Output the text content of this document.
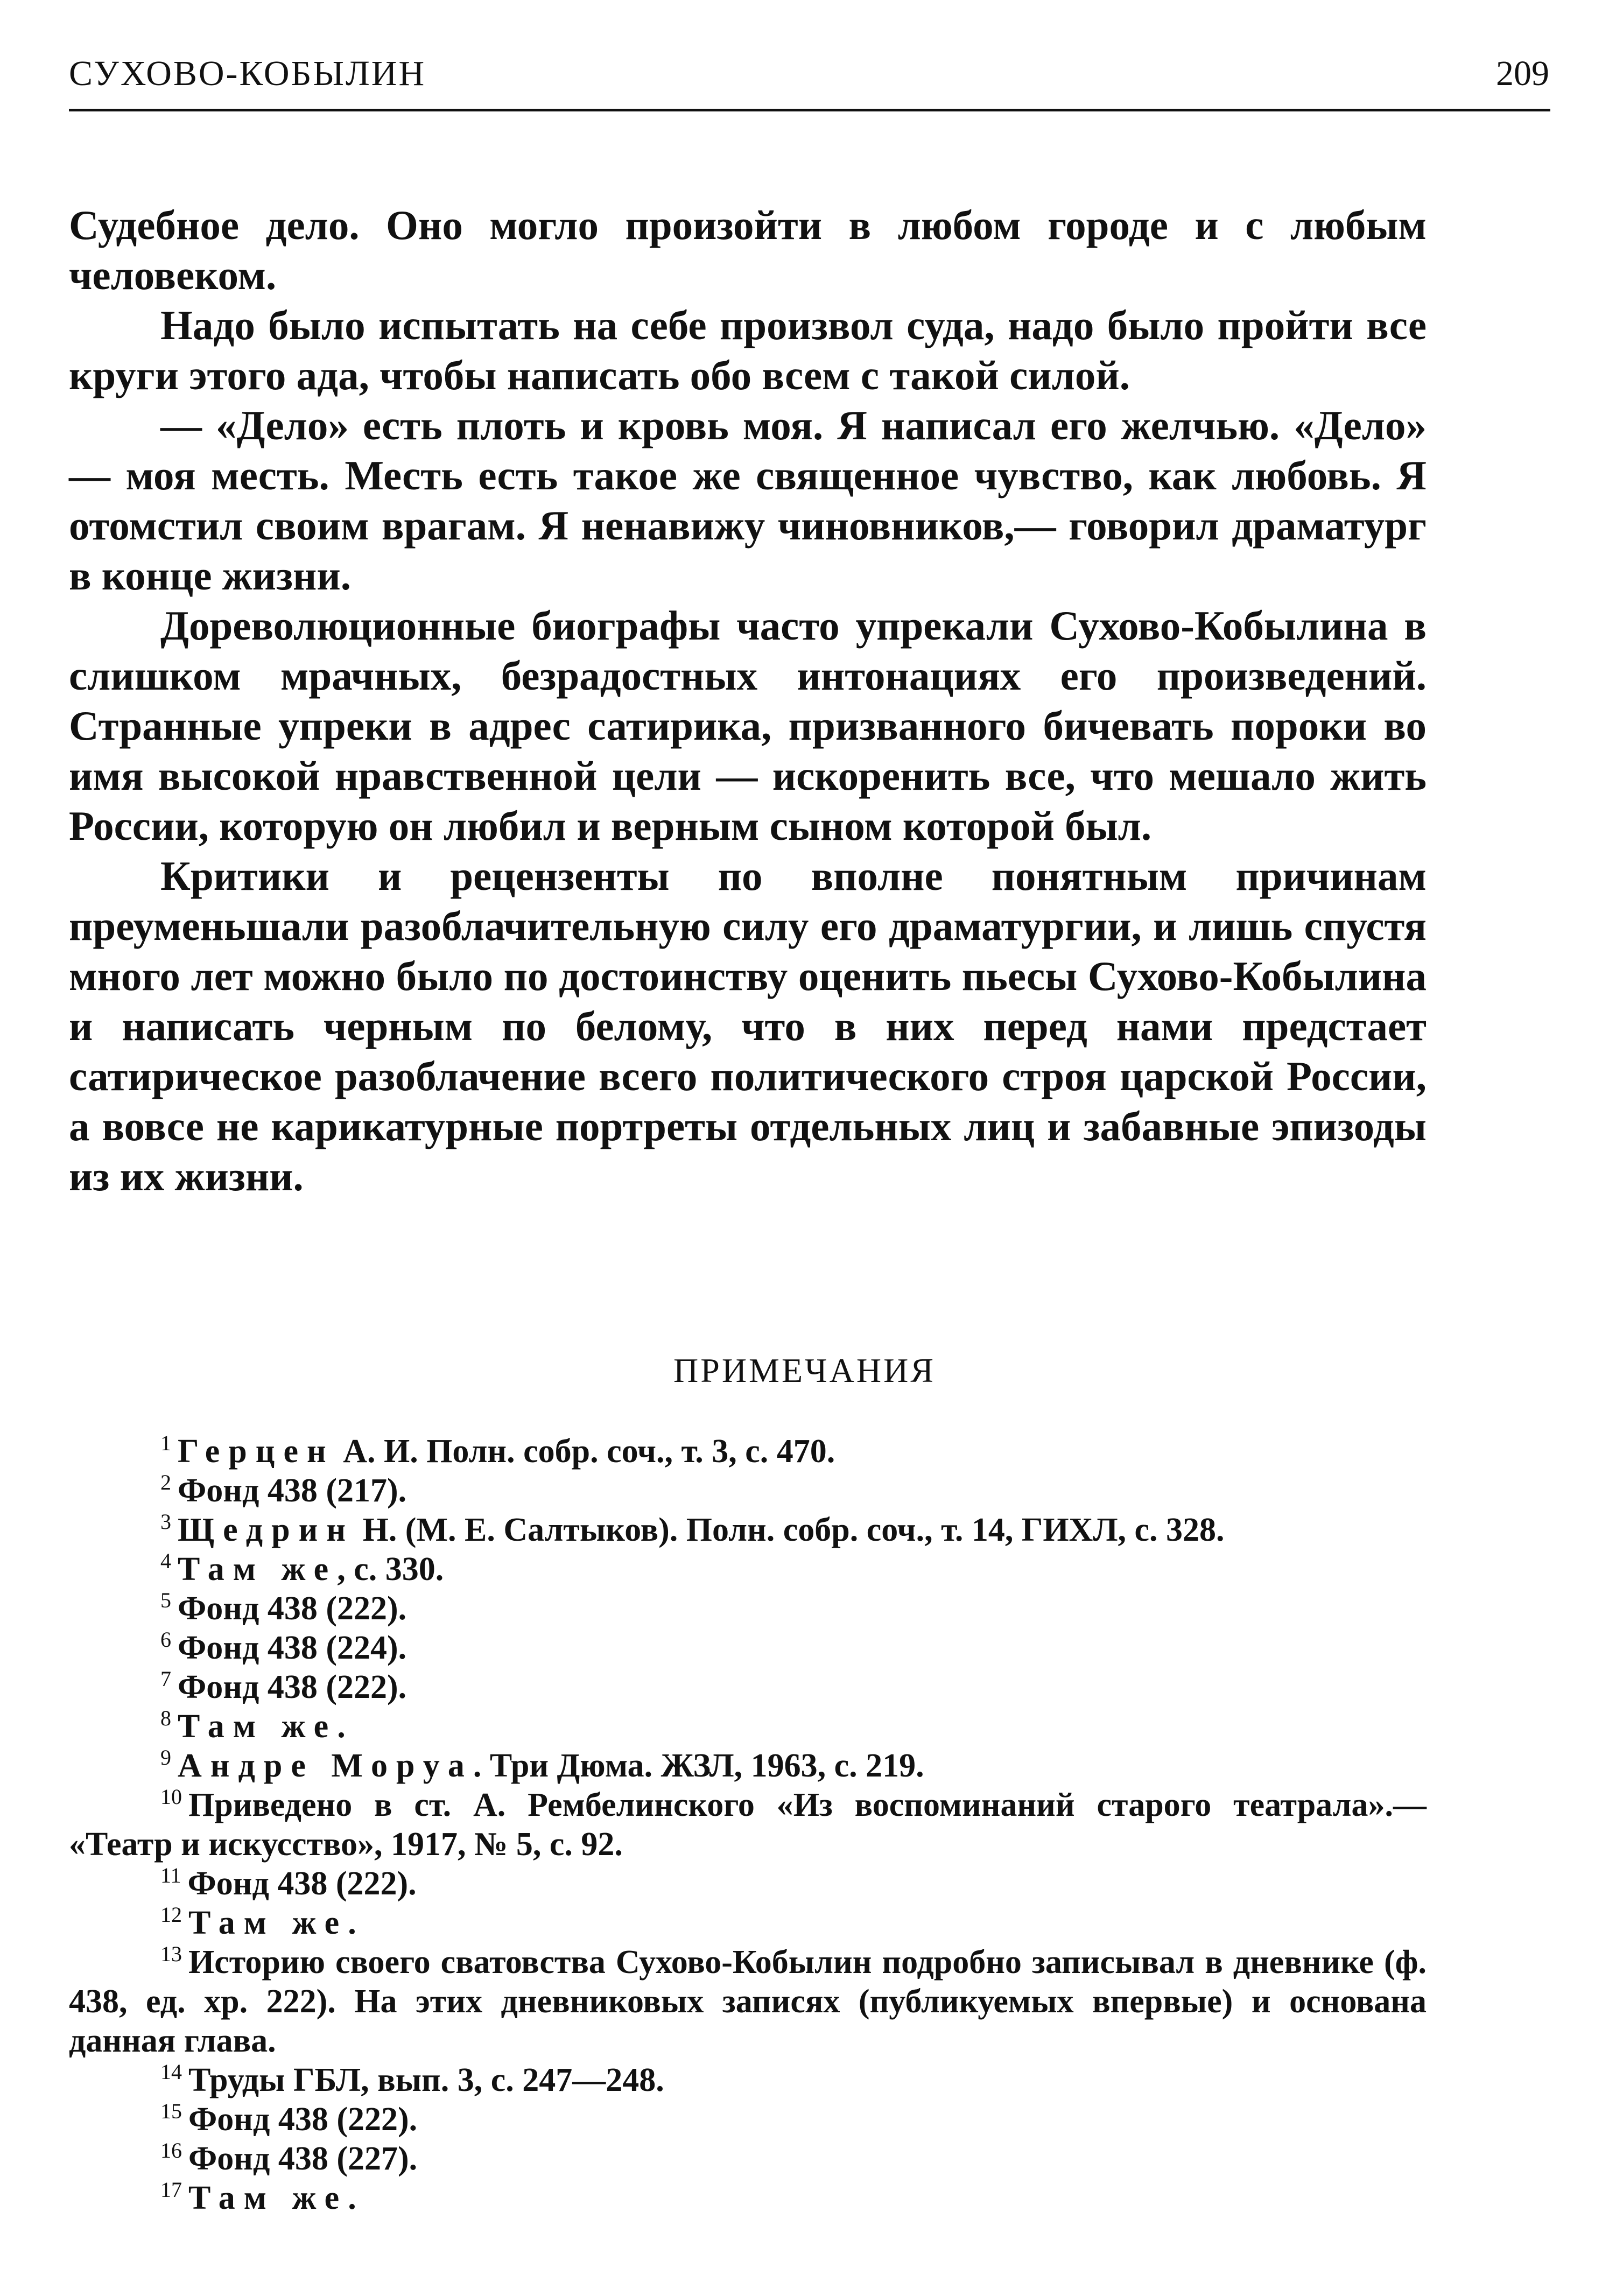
СУХОВО-КОБЫЛИН	209

Судебное дело. Оно могло произойти в любом городе и с любым человеком.

Надо было испытать на себе произвол суда, надо было пройти все круги этого ада, чтобы написать обо всем с такой силой.

— «Дело» есть плоть и кровь моя. Я написал его желчью. «Дело» — моя месть. Месть есть такое же священное чувство, как любовь. Я отомстил своим врагам. Я ненавижу чиновников,— говорил драматург в конце жизни.

Дореволюционные биографы часто упрекали Сухово-Кобылина в слишком мрачных, безрадостных интонациях его произведений. Странные упреки в адрес сатирика, призванного бичевать пороки во имя высокой нравственной цели — искоренить все, что мешало жить России, которую он любил и верным сыном которой был.

Критики и рецензенты по вполне понятным причинам преуменьшали разоблачительную силу его драматургии, и лишь спустя много лет можно было по достоинству оценить пьесы Сухово-Кобылина и написать черным по белому, что в них перед нами предстает сатирическое разоблачение всего политического строя царской России, а вовсе не карикатурные портреты отдельных лиц и забавные эпизоды из их жизни.

ПРИМЕЧАНИЯ

$^1$ Герцен А. И. Полн. собр. соч., т. 3, с. 470.

$^2$ Фонд 438 (217).

$^3$ Щедрин Н. (М. Е. Салтыков). Полн. собр. соч., т. 14, ГИХЛ, с. 328.

$^4$ Там же, с. 330.

$^5$ Фонд 438 (222).

$^6$ Фонд 438 (224).

$^7$ Фонд 438 (222).

$^8$ Там же.

$^9$ Андре Моруа. Три Дюма. ЖЗЛ, 1963, с. 219.

$^{10}$ Приведено в ст. А. Рембелинского «Из воспоминаний старого театрала».— «Театр и искусство», 1917, № 5, с. 92.

$^{11}$ Фонд 438 (222).

$^{12}$ Там же.

$^{13}$ Историю своего сватовства Сухово-Кобылин подробно записывал в дневнике (ф. 438, ед. хр. 222). На этих дневниковых записях (публикуемых впервые) и основана данная глава.

$^{14}$ Труды ГБЛ, вып. 3, с. 247—248.

$^{15}$ Фонд 438 (222).

$^{16}$ Фонд 438 (227).

$^{17}$ Там же.
